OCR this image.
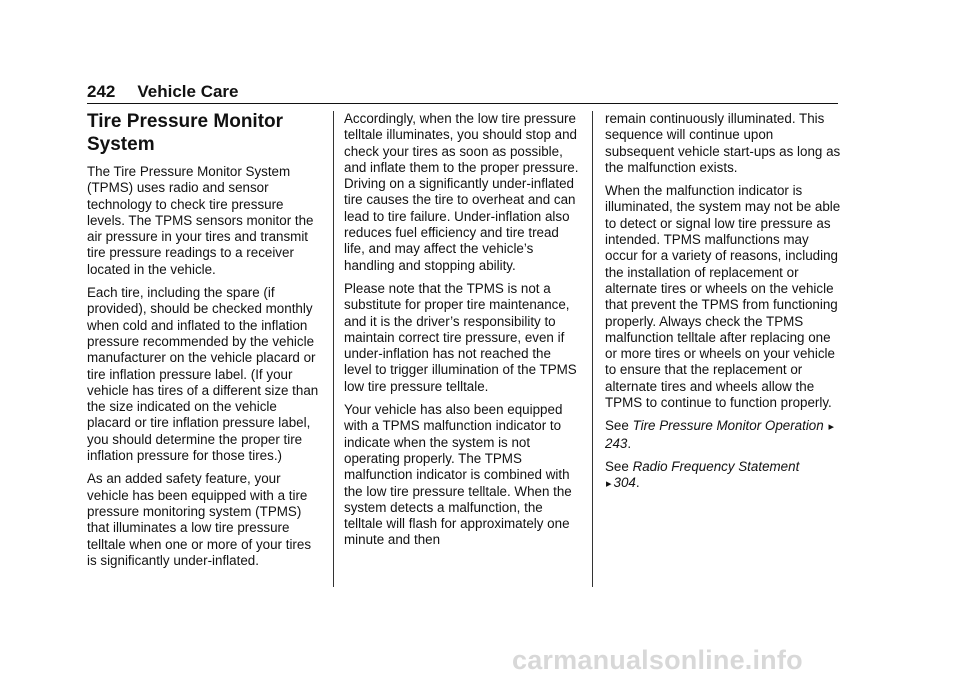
242 Vehicle Care
Tire Pressure Monitor System

The Tire Pressure Monitor System (TPMS) uses radio and sensor technology to check tire pressure levels. The TPMS sensors monitor the air pressure in your tires and transmit tire pressure readings to a receiver located in the vehicle.

Each tire, including the spare (if provided), should be checked monthly when cold and inflated to the inflation pressure recommended by the vehicle manufacturer on the vehicle placard or tire inflation pressure label. (If your vehicle has tires of a different size than the size indicated on the vehicle placard or tire inflation pressure label, you should determine the proper tire inflation pressure for those tires.)

As an added safety feature, your vehicle has been equipped with a tire pressure monitoring system (TPMS) that illuminates a low tire pressure telltale when one or more of your tires is significantly under-inflated.

Accordingly, when the low tire pressure telltale illuminates, you should stop and check your tires as soon as possible, and inflate them to the proper pressure. Driving on a significantly under-inflated tire causes the tire to overheat and can lead to tire failure. Under-inflation also reduces fuel efficiency and tire tread life, and may affect the vehicle’s handling and stopping ability.

Please note that the TPMS is not a substitute for proper tire maintenance, and it is the driver’s responsibility to maintain correct tire pressure, even if under-inflation has not reached the level to trigger illumination of the TPMS low tire pressure telltale.

Your vehicle has also been equipped with a TPMS malfunction indicator to indicate when the system is not operating properly. The TPMS malfunction indicator is combined with the low tire pressure telltale. When the system detects a malfunction, the telltale will flash for approximately one minute and then

remain continuously illuminated. This sequence will continue upon subsequent vehicle start-ups as long as the malfunction exists.

When the malfunction indicator is illuminated, the system may not be able to detect or signal low tire pressure as intended. TPMS malfunctions may occur for a variety of reasons, including the installation of replacement or alternate tires or wheels on the vehicle that prevent the TPMS from functioning properly. Always check the TPMS malfunction telltale after replacing one or more tires or wheels on your vehicle to ensure that the replacement or alternate tires and wheels allow the TPMS to continue to function properly.

See Tire Pressure Monitor Operation ▸243.

See Radio Frequency Statement
▸ 304.

carmanualsonline.info
